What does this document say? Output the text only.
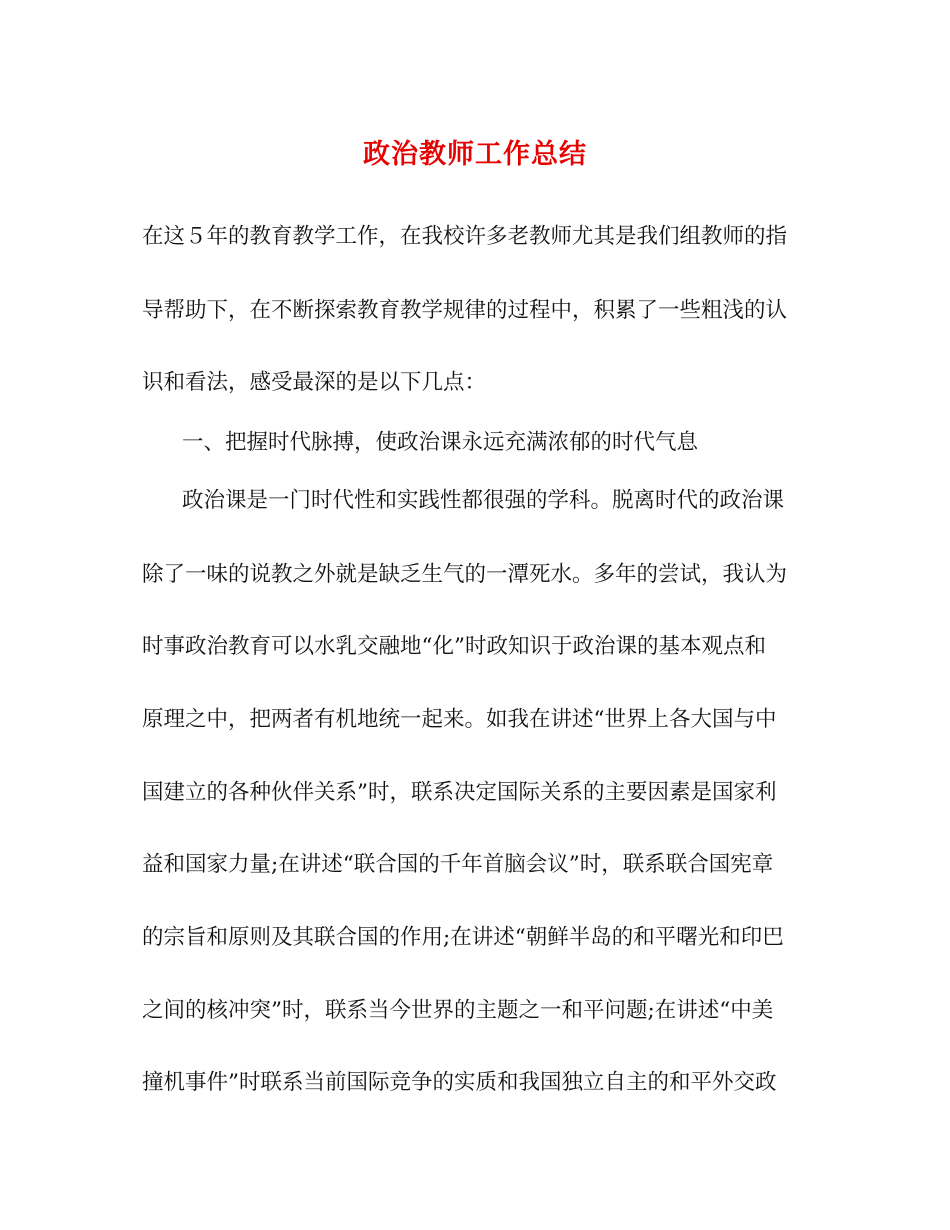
政治教师工作总结
在这５年的教育教学工作，在我校许多老教师尤其是我们组教师的指
导帮助下，在不断探索教育教学规律的过程中，积累了一些粗浅的认
识和看法，感受最深的是以下几点：
一、把握时代脉搏，使政治课永远充满浓郁的时代气息
政治课是一门时代性和实践性都很强的学科。脱离时代的政治课
除了一味的说教之外就是缺乏生气的一潭死水。多年的尝试，我认为
时事政治教育可以水乳交融地“化”时政知识于政治课的基本观点和
原理之中，把两者有机地统一起来。如我在讲述“世界上各大国与中
国建立的各种伙伴关系”时，联系决定国际关系的主要因素是国家利
益和国家力量;在讲述“联合国的千年首脑会议”时，联系联合国宪章
的宗旨和原则及其联合国的作用;在讲述“朝鲜半岛的和平曙光和印巴
之间的核冲突”时，联系当今世界的主题之一和平问题;在讲述“中美
撞机事件”时联系当前国际竞争的实质和我国独立自主的和平外交政
